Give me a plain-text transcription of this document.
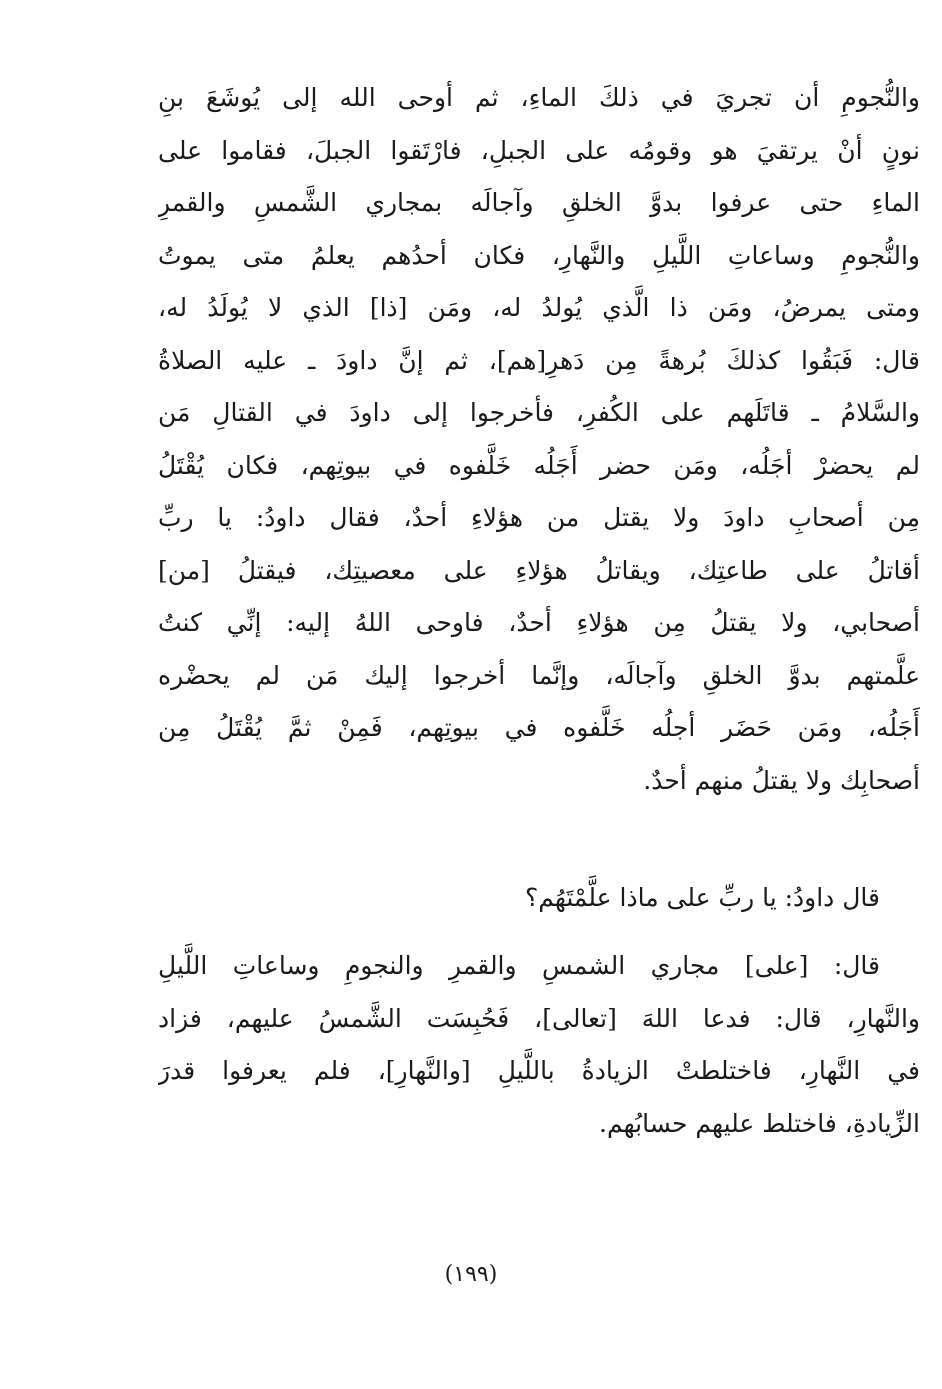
والنُّجومِ أن تجريَ في ذلكَ الماءِ، ثم أوحى الله إلى يُوشَعَ بنِ
نونٍ أنْ يرتقيَ هو وقومُه على الجبلِ، فارْتَقوا الجبلَ، فقاموا على
الماءِ حتى عرفوا بدوَّ الخلقِ وآجالَه بمجاري الشَّمسِ والقمرِ
والنُّجومِ وساعاتِ اللَّيلِ والنَّهارِ، فكان أحدُهم يعلمُ متى يموتُ
ومتى يمرضُ، ومَن ذا الَّذي يُولدُ له، ومَن [ذا] الذي لا يُولَدُ له،
قال: فَبَقُوا كذلكَ بُرهةً مِن دَهرِ[هم]، ثم إنَّ داودَ ـ عليه الصلاةُ
والسَّلامُ ـ قاتَلَهم على الكُفرِ، فأخرجوا إلى داودَ في القتالِ مَن
لم يحضرْ أجَلُه، ومَن حضر أَجَلُه خَلَّفوه في بيوتِهم، فكان يُقْتَلُ
مِن أصحابِ داودَ ولا يقتل من هؤلاءِ أحدٌ، فقال داودُ: يا ربِّ
أقاتلُ على طاعتِك، ويقاتلُ هؤلاءِ على معصيتِك، فيقتلُ [من]
أصحابي، ولا يقتلُ مِن هؤلاءِ أحدٌ، فاوحى اللهُ إليه: إنِّي كنتُ
علَّمتهم بدوَّ الخلقِ وآجالَه، وإنَّما أخرجوا إليك مَن لم يحضْره
أَجَلُه، ومَن حَضَر أجلُه خَلَّفوه في بيوتِهم، فَمِنْ ثمَّ يُقْتَلُ مِن
أصحابِك ولا يقتلُ منهم أحدٌ.
قال داودُ: يا ربِّ على ماذا علَّمْتَهُم؟
قال: [على] مجاري الشمسِ والقمرِ والنجومِ وساعاتِ اللَّيلِ
والنَّهارِ، قال: فدعا اللهَ [تعالى]، فَحُبِسَت الشَّمسُ عليهم، فزاد
في النَّهارِ، فاختلطتْ الزيادةُ باللَّيلِ [والنَّهارِ]، فلم يعرفوا قدرَ
الزِّيادةِ، فاختلط عليهم حسابُهم.
(١٩٩)
